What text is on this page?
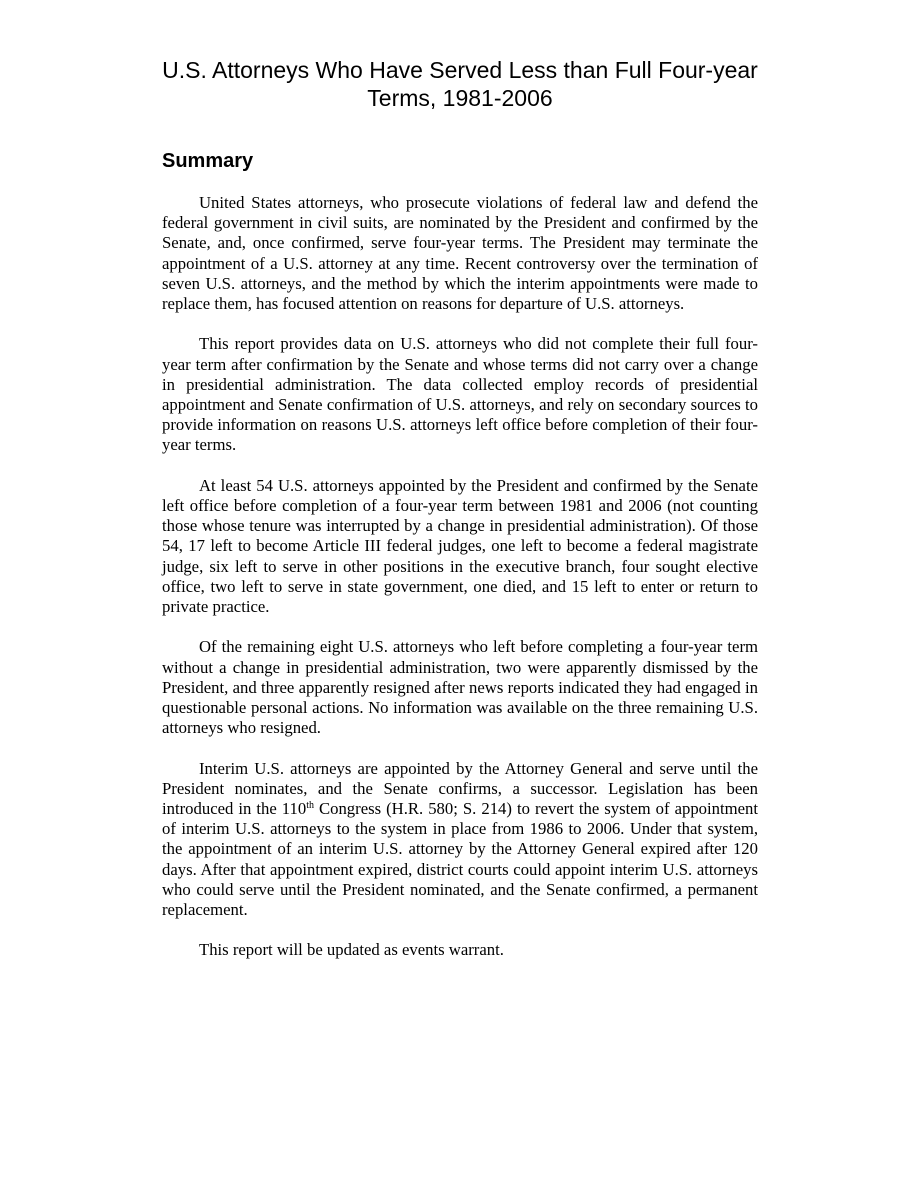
U.S. Attorneys Who Have Served Less than Full Four-year Terms, 1981-2006
Summary

United States attorneys, who prosecute violations of federal law and defend the federal government in civil suits, are nominated by the President and confirmed by the Senate, and, once confirmed, serve four-year terms. The President may terminate the appointment of a U.S. attorney at any time. Recent controversy over the termination of seven U.S. attorneys, and the method by which the interim appointments were made to replace them, has focused attention on reasons for departure of U.S. attorneys.

This report provides data on U.S. attorneys who did not complete their full four-year term after confirmation by the Senate and whose terms did not carry over a change in presidential administration. The data collected employ records of presidential appointment and Senate confirmation of U.S. attorneys, and rely on secondary sources to provide information on reasons U.S. attorneys left office before completion of their four-year terms.

At least 54 U.S. attorneys appointed by the President and confirmed by the Senate left office before completion of a four-year term between 1981 and 2006 (not counting those whose tenure was interrupted by a change in presidential administration). Of those 54, 17 left to become Article III federal judges, one left to become a federal magistrate judge, six left to serve in other positions in the executive branch, four sought elective office, two left to serve in state government, one died, and 15 left to enter or return to private practice.

Of the remaining eight U.S. attorneys who left before completing a four-year term without a change in presidential administration, two were apparently dismissed by the President, and three apparently resigned after news reports indicated they had engaged in questionable personal actions. No information was available on the three remaining U.S. attorneys who resigned.

Interim U.S. attorneys are appointed by the Attorney General and serve until the President nominates, and the Senate confirms, a successor. Legislation has been introduced in the 110th Congress (H.R. 580; S. 214) to revert the system of appointment of interim U.S. attorneys to the system in place from 1986 to 2006. Under that system, the appointment of an interim U.S. attorney by the Attorney General expired after 120 days. After that appointment expired, district courts could appoint interim U.S. attorneys who could serve until the President nominated, and the Senate confirmed, a permanent replacement.

This report will be updated as events warrant.
